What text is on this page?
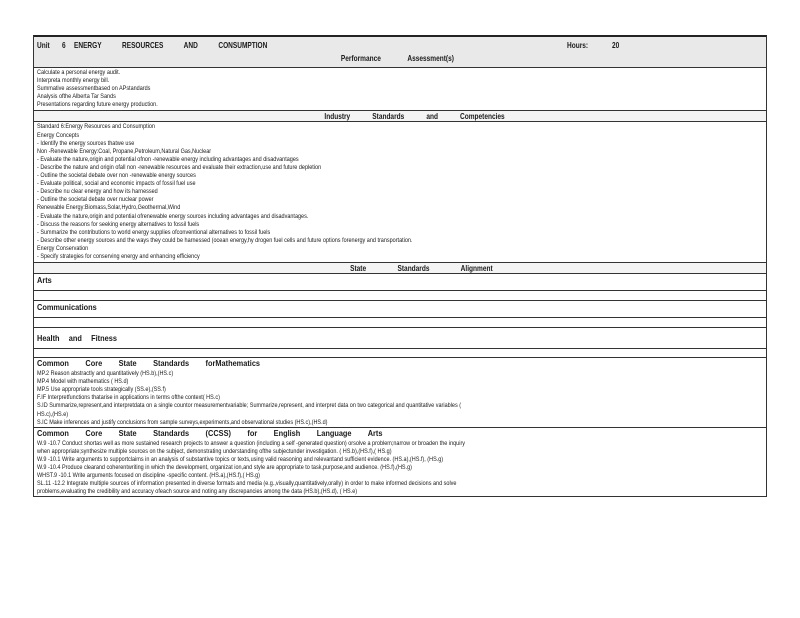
Unit 6 ENERGY RESOURCES AND CONSUMPTION	Hours:	20
Performance Assessment(s)
Calculate a personal energy audit.
Interpreta monthly energy bill.
Summative assessmentbased on APstandards
Analysis ofthe Alberta Tar Sands
Presentations regarding future energy production.
Industry Standards and Competencies
Standard 6:Energy Resources and Consumption
Energy Concepts
- Identify the energy sources thatwe use
Non -Renewable Energy:Coal, Propane,Petroleum,Natural Gas,Nuclear
- Evaluate the nature,origin and potential ofnon -renewable energy including advantages and disadvantages
- Describe the nature and origin ofall non -renewable resources and evaluate their extraction,use and future depletion
- Outline the societal debate over non -renewable energy sources
- Evaluate political, social and economic impacts of fossil fuel use
- Describe nu clear energy and how its harnessed
- Outline the societal debate over nuclear power
Renewable Energy:Biomass,Solar,Hydro,Geothermal,Wind
- Evaluate the nature,origin and potential ofrenewable energy sources including advantages and disadvantages.
- Discuss the reasons for seeking energy alternatives to fossil fuels
- Summarize the contributions to world energy supplies ofconventional alternatives to fossil fuels
- Describe other energy sources and the ways they could be harnessed (ocean energy,hy drogen fuel cells and future options forenergy and transportation.
Energy Conservation
- Specify strategies for conserving energy and enhancing efficiency
State Standards Alignment
Arts
Communications
Health and Fitness
Common Core State Standards forMathematics
MP.2 Reason abstractly and quantitatively (HS.b),(HS.c)
MP.4 Model with mathematics ( HS.d)
MP.5 Use appropriate tools strategically (SS.e),(SS.f)
F.IF Interpretfunctions thatarise in applications in terms ofthe context( HS.c)
S.ID Summarize,represent,and interpretdata on a single countor measurementvariable; Summarize,represent, and interpret data on two categorical and quantitative variables (
HS.c),(HS.e)
S.IC Make inferences and justify conclusions from sample surveys,experiments,and observational studies (HS.c),(HS.d)
Common Core State Standards (CCSS) for English Language Arts
W.9 -10.7 Conduct shortas well as more sustained research projects to answer a question (including a self -generated question) orsolve a problem;narrow or broaden the inquiry
when appropriate;synthesize multiple sources on the subject, demonstrating understanding ofthe subjectunder investigation. ( HS.b),(HS.f),( HS.g)
W.9 -10.1 Write arguments to supportclaims in an analysis of substantive topics or texts,using valid reasoning and relevantand sufficient evidence. (HS.a),(HS.f), (HS.g)
W.9 -10.4 Produce clearand coherentwriting in which the development, organizat ion,and style are appropriate to task,purpose,and audience. (HS.f),(HS.g)
WHST.9 -10.1 Write arguments focused on discipline -specific content. (HS.a),(HS.f),( HS.g)
SL.11 -12.2 Integrate multiple sources of information presented in diverse formats and media (e.g.,visually,quantitatively,orally) in order to make informed decisions and solve
problems,evaluating the credibility and accuracy ofeach source and noting any discrepancies among the data (HS.b),(HS.d), ( HS.e)
